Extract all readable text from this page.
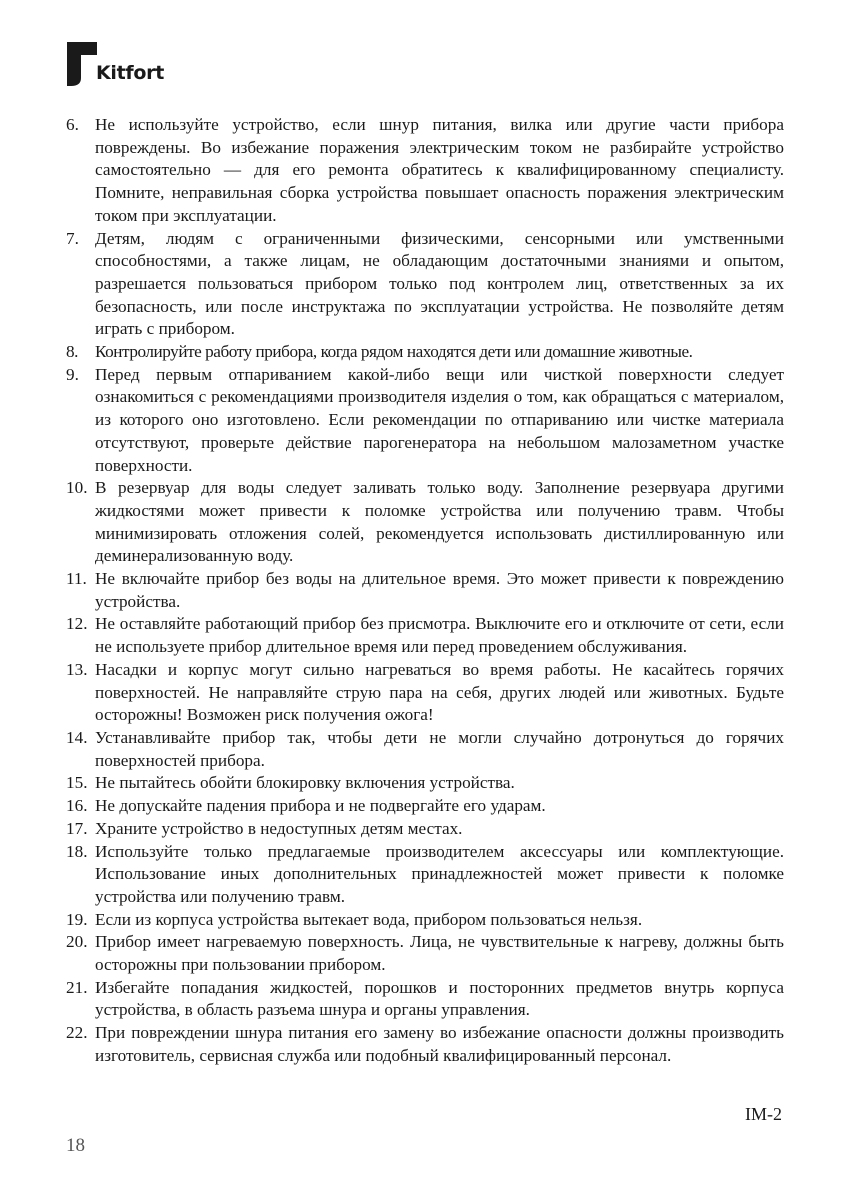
Kitfort
6. Не используйте устройство, если шнур питания, вилка или другие части прибора повреждены. Во избежание поражения электрическим током не разбирайте устройство самостоятельно — для его ремонта обратитесь к квалифицированному специалисту. Помните, неправильная сборка устройства повышает опасность поражения электрическим током при эксплуатации.
7. Детям, людям с ограниченными физическими, сенсорными или умственными способностями, а также лицам, не обладающим достаточными знаниями и опытом, разрешается пользоваться прибором только под контролем лиц, ответственных за их безопасность, или после инструктажа по эксплуатации устройства. Не позволяйте детям играть с прибором.
8. Контролируйте работу прибора, когда рядом находятся дети или домашние животные.
9. Перед первым отпариванием какой-либо вещи или чисткой поверхности следует ознакомиться с рекомендациями производителя изделия о том, как обращаться с материалом, из которого оно изготовлено. Если рекомендации по отпариванию или чистке материала отсутствуют, проверьте действие парогенератора на небольшом малозаметном участке поверхности.
10. В резервуар для воды следует заливать только воду. Заполнение резервуара другими жидкостями может привести к поломке устройства или получению травм. Чтобы минимизировать отложения солей, рекомендуется использовать дистиллированную или деминерализованную воду.
11. Не включайте прибор без воды на длительное время. Это может привести к повреждению устройства.
12. Не оставляйте работающий прибор без присмотра. Выключите его и отключите от сети, если не используете прибор длительное время или перед проведением обслуживания.
13. Насадки и корпус могут сильно нагреваться во время работы. Не касайтесь горячих поверхностей. Не направляйте струю пара на себя, других людей или животных. Будьте осторожны! Возможен риск получения ожога!
14. Устанавливайте прибор так, чтобы дети не могли случайно дотронуться до горячих поверхностей прибора.
15. Не пытайтесь обойти блокировку включения устройства.
16. Не допускайте падения прибора и не подвергайте его ударам.
17. Храните устройство в недоступных детям местах.
18. Используйте только предлагаемые производителем аксессуары или комплектующие. Использование иных дополнительных принадлежностей может привести к поломке устройства или получению травм.
19. Если из корпуса устройства вытекает вода, прибором пользоваться нельзя.
20. Прибор имеет нагреваемую поверхность. Лица, не чувствительные к нагреву, должны быть осторожны при пользовании прибором.
21. Избегайте попадания жидкостей, порошков и посторонних предметов внутрь корпуса устройства, в область разъема шнура и органы управления.
22. При повреждении шнура питания его замену во избежание опасности должны производить изготовитель, сервисная служба или подобный квалифицированный персонал.
IM-2
18
